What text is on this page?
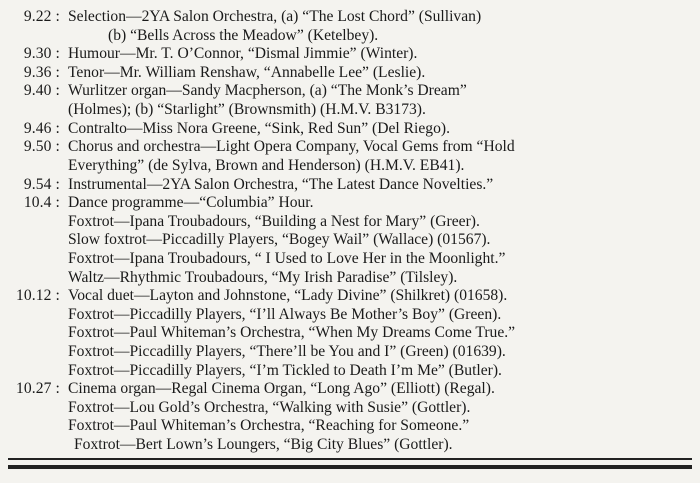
9.22 : Selection—2YA Salon Orchestra, (a) “The Lost Chord” (Sullivan)
(b) “Bells Across the Meadow” (Ketelbey).
9.30 : Humour—Mr. T. O’Connor, “Dismal Jimmie” (Winter).
9.36 : Tenor—Mr. William Renshaw, “Annabelle Lee” (Leslie).
9.40 : Wurlitzer organ—Sandy Macpherson, (a) “The Monk’s Dream”
(Holmes); (b) “Starlight” (Brownsmith) (H.M.V. B3173).
9.46 : Contralto—Miss Nora Greene, “Sink, Red Sun” (Del Riego).
9.50 : Chorus and orchestra—Light Opera Company, Vocal Gems from “Hold
Everything” (de Sylva, Brown and Henderson) (H.M.V. EB41).
9.54 : Instrumental—2YA Salon Orchestra, “The Latest Dance Novelties.”
10.4 : Dance programme—“Columbia” Hour.
Foxtrot—Ipana Troubadours, “Building a Nest for Mary” (Greer).
Slow foxtrot—Piccadilly Players, “Bogey Wail” (Wallace) (01567).
Foxtrot—Ipana Troubadours, “ I Used to Love Her in the Moonlight.”
Waltz—Rhythmic Troubadours, “My Irish Paradise” (Tilsley).
10.12 : Vocal duet—Layton and Johnstone, “Lady Divine” (Shilkret) (01658).
Foxtrot—Piccadilly Players, “I’ll Always Be Mother’s Boy” (Green).
Foxtrot—Paul Whiteman’s Orchestra, “When My Dreams Come True.”
Foxtrot—Piccadilly Players, “There’ll be You and I” (Green) (01639).
Foxtrot—Piccadilly Players, “I’m Tickled to Death I’m Me” (Butler).
10.27 : Cinema organ—Regal Cinema Organ, “Long Ago” (Elliott) (Regal).
Foxtrot—Lou Gold’s Orchestra, “Walking with Susie” (Gottler).
Foxtrot—Paul Whiteman’s Orchestra, “Reaching for Someone.”
Foxtrot—Bert Lown’s Loungers, “Big City Blues” (Gottler).
